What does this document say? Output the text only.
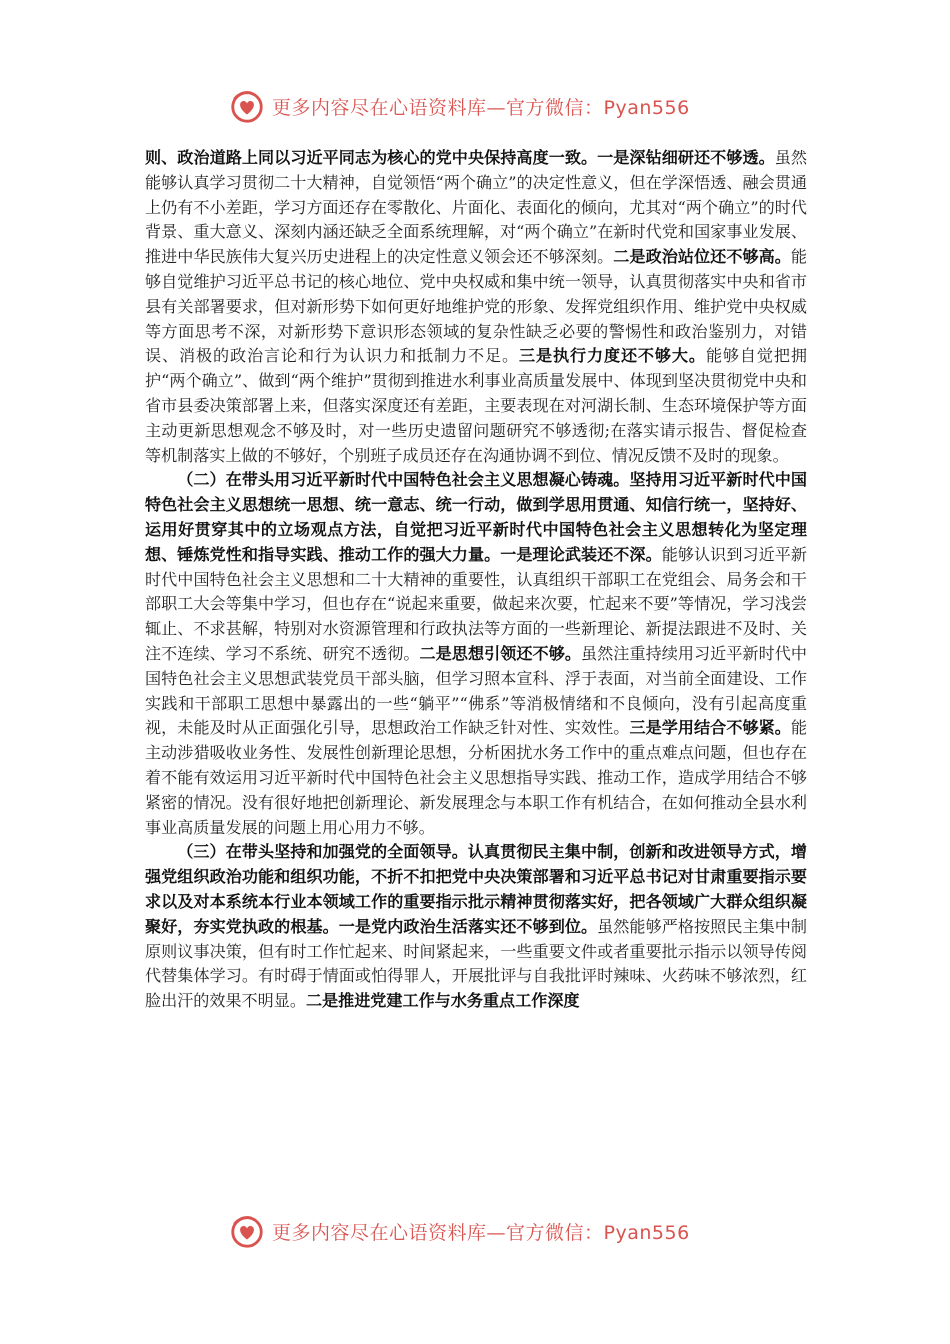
更多内容尽在心语资料库—官方微信：Pyan556

则、政治道路上同以习近平同志为核心的党中央保持高度一致。一是深钻细研还不够透。虽然能够认真学习贯彻二十大精神，自觉领悟“两个确立”的决定性意义，但在学深悟透、融会贯通上仍有不小差距，学习方面还存在零散化、片面化、表面化的倾向，尤其对“两个确立”的时代背景、重大意义、深刻内涵还缺乏全面系统理解，对“两个确立”在新时代党和国家事业发展、推进中华民族伟大复兴历史进程上的决定性意义领会还不够深刻。二是政治站位还不够高。能够自觉维护习近平总书记的核心地位、党中央权威和集中统一领导，认真贯彻落实中央和省市县有关部署要求，但对新形势下如何更好地维护党的形象、发挥党组织作用、维护党中央权威等方面思考不深，对新形势下意识形态领域的复杂性缺乏必要的警惕性和政治鉴别力，对错误、消极的政治言论和行为认识力和抵制力不足。三是执行力度还不够大。能够自觉把拥护“两个确立”、做到“两个维护”贯彻到推进水利事业高质量发展中、体现到坚决贯彻党中央和省市县委决策部署上来，但落实深度还有差距，主要表现在对河湖长制、生态环境保护等方面主动更新思想观念不够及时，对一些历史遗留问题研究不够透彻;在落实请示报告、督促检查等机制落实上做的不够好，个别班子成员还存在沟通协调不到位、情况反馈不及时的现象。

（二）在带头用习近平新时代中国特色社会主义思想凝心铸魂。坚持用习近平新时代中国特色社会主义思想统一思想、统一意志、统一行动，做到学思用贯通、知信行统一，坚持好、运用好贯穿其中的立场观点方法，自觉把习近平新时代中国特色社会主义思想转化为坚定理想、锤炼党性和指导实践、推动工作的强大力量。一是理论武装还不深。能够认识到习近平新时代中国特色社会主义思想和二十大精神的重要性，认真组织干部职工在党组会、局务会和干部职工大会等集中学习，但也存在“说起来重要，做起来次要，忙起来不要”等情况，学习浅尝辄止、不求甚解，特别对水资源管理和行政执法等方面的一些新理论、新提法跟进不及时、关注不连续、学习不系统、研究不透彻。二是思想引领还不够。虽然注重持续用习近平新时代中国特色社会主义思想武装党员干部头脑，但学习照本宣科、浮于表面，对当前全面建设、工作实践和干部职工思想中暴露出的一些“躺平”“佛系”等消极情绪和不良倾向，没有引起高度重视，未能及时从正面强化引导，思想政治工作缺乏针对性、实效性。三是学用结合不够紧。能主动涉猎吸收业务性、发展性创新理论思想，分析困扰水务工作中的重点难点问题，但也存在着不能有效运用习近平新时代中国特色社会主义思想指导实践、推动工作，造成学用结合不够紧密的情况。没有很好地把创新理论、新发展理念与本职工作有机结合，在如何推动全县水利事业高质量发展的问题上用心用力不够。

（三）在带头坚持和加强党的全面领导。认真贯彻民主集中制，创新和改进领导方式，增强党组织政治功能和组织功能，不折不扣把党中央决策部署和习近平总书记对甘肃重要指示要求以及对本系统本行业本领域工作的重要指示批示精神贯彻落实好，把各领域广大群众组织凝聚好，夯实党执政的根基。一是党内政治生活落实还不够到位。虽然能够严格按照民主集中制原则议事决策，但有时工作忙起来、时间紧起来，一些重要文件或者重要批示指示以领导传阅代替集体学习。有时碍于情面或怕得罪人，开展批评与自我批评时辣味、火药味不够浓烈，红脸出汗的效果不明显。二是推进党建工作与水务重点工作深度

更多内容尽在心语资料库—官方微信：Pyan556
